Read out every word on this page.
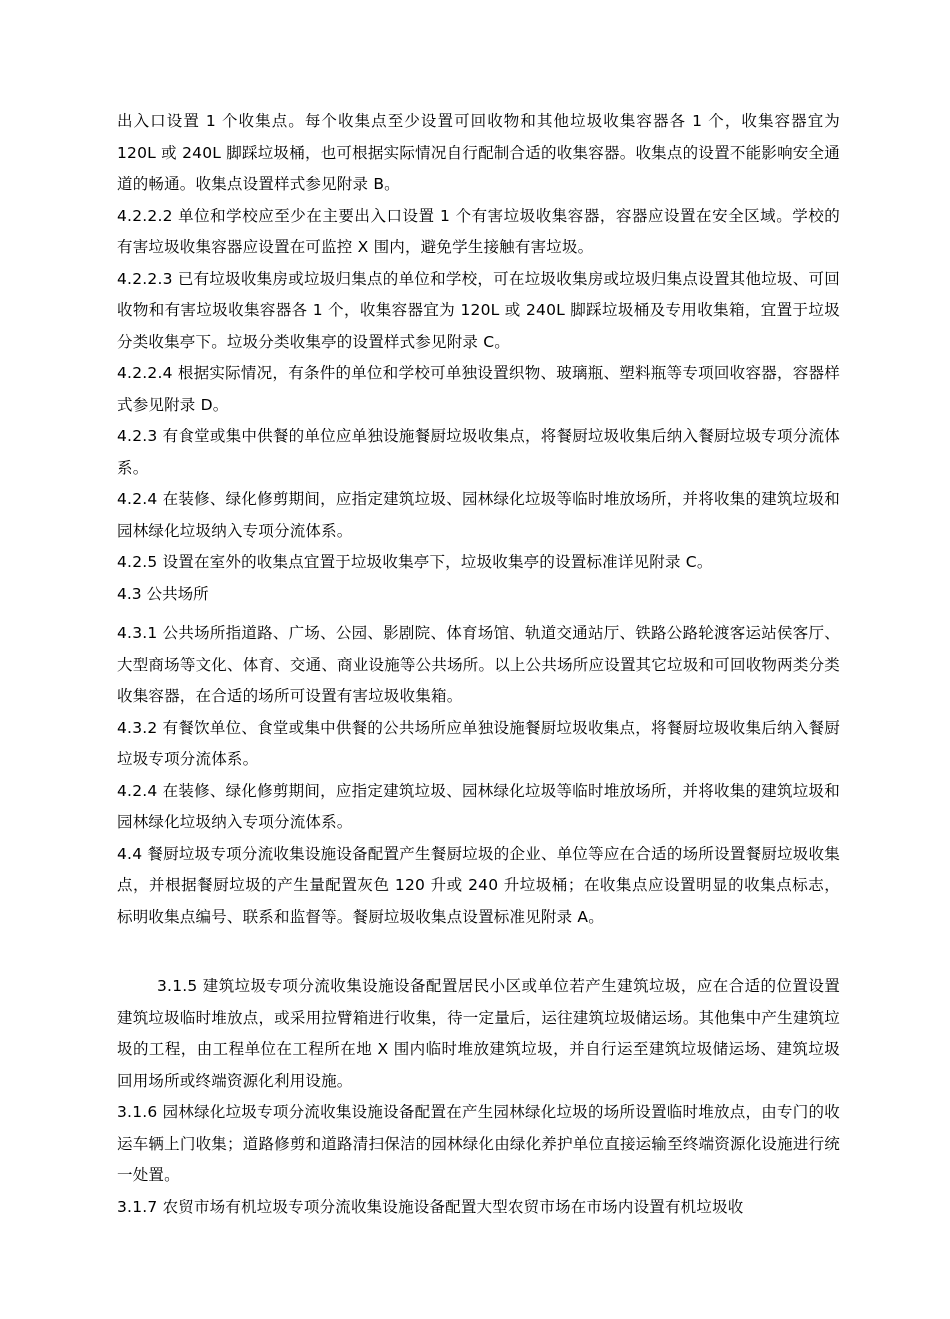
出入口设置 1 个收集点。每个收集点至少设置可回收物和其他垃圾收集容器各 1 个，收集容器宜为 120L 或 240L 脚踩垃圾桶，也可根据实际情况自行配制合适的收集容器。收集点的设置不能影响安全通道的畅通。收集点设置样式参见附录 B。

4.2.2.2 单位和学校应至少在主要出入口设置 1 个有害垃圾收集容器，容器应设置在安全区域。学校的有害垃圾收集容器应设置在可监控 X 围内，避免学生接触有害垃圾。

4.2.2.3 已有垃圾收集房或垃圾归集点的单位和学校，可在垃圾收集房或垃圾归集点设置其他垃圾、可回收物和有害垃圾收集容器各 1 个，收集容器宜为 120L 或 240L 脚踩垃圾桶及专用收集箱，宜置于垃圾分类收集亭下。垃圾分类收集亭的设置样式参见附录 C。

4.2.2.4 根据实际情况，有条件的单位和学校可单独设置织物、玻璃瓶、塑料瓶等专项回收容器，容器样式参见附录 D。

4.2.3 有食堂或集中供餐的单位应单独设施餐厨垃圾收集点，将餐厨垃圾收集后纳入餐厨垃圾专项分流体系。

4.2.4 在装修、绿化修剪期间，应指定建筑垃圾、园林绿化垃圾等临时堆放场所，并将收集的建筑垃圾和园林绿化垃圾纳入专项分流体系。

4.2.5 设置在室外的收集点宜置于垃圾收集亭下，垃圾收集亭的设置标准详见附录 C。

4.3 公共场所

4.3.1 公共场所指道路、广场、公园、影剧院、体育场馆、轨道交通站厅、铁路公路轮渡客运站侯客厅、大型商场等文化、体育、交通、商业设施等公共场所。以上公共场所应设置其它垃圾和可回收物两类分类收集容器，在合适的场所可设置有害垃圾收集箱。

4.3.2 有餐饮单位、食堂或集中供餐的公共场所应单独设施餐厨垃圾收集点，将餐厨垃圾收集后纳入餐厨垃圾专项分流体系。

4.2.4 在装修、绿化修剪期间，应指定建筑垃圾、园林绿化垃圾等临时堆放场所，并将收集的建筑垃圾和园林绿化垃圾纳入专项分流体系。

4.4 餐厨垃圾专项分流收集设施设备配置产生餐厨垃圾的企业、单位等应在合适的场所设置餐厨垃圾收集点，并根据餐厨垃圾的产生量配置灰色 120 升或 240 升垃圾桶；在收集点应设置明显的收集点标志，标明收集点编号、联系和监督等。餐厨垃圾收集点设置标准见附录 A。

3.1.5 建筑垃圾专项分流收集设施设备配置居民小区或单位若产生建筑垃圾，应在合适的位置设置建筑垃圾临时堆放点，或采用拉臂箱进行收集，待一定量后，运往建筑垃圾储运场。其他集中产生建筑垃圾的工程，由工程单位在工程所在地 X 围内临时堆放建筑垃圾，并自行运至建筑垃圾储运场、建筑垃圾回用场所或终端资源化利用设施。

3.1.6 园林绿化垃圾专项分流收集设施设备配置在产生园林绿化垃圾的场所设置临时堆放点，由专门的收运车辆上门收集；道路修剪和道路清扫保洁的园林绿化由绿化养护单位直接运输至终端资源化设施进行统一处置。

3.1.7 农贸市场有机垃圾专项分流收集设施设备配置大型农贸市场在市场内设置有机垃圾收
